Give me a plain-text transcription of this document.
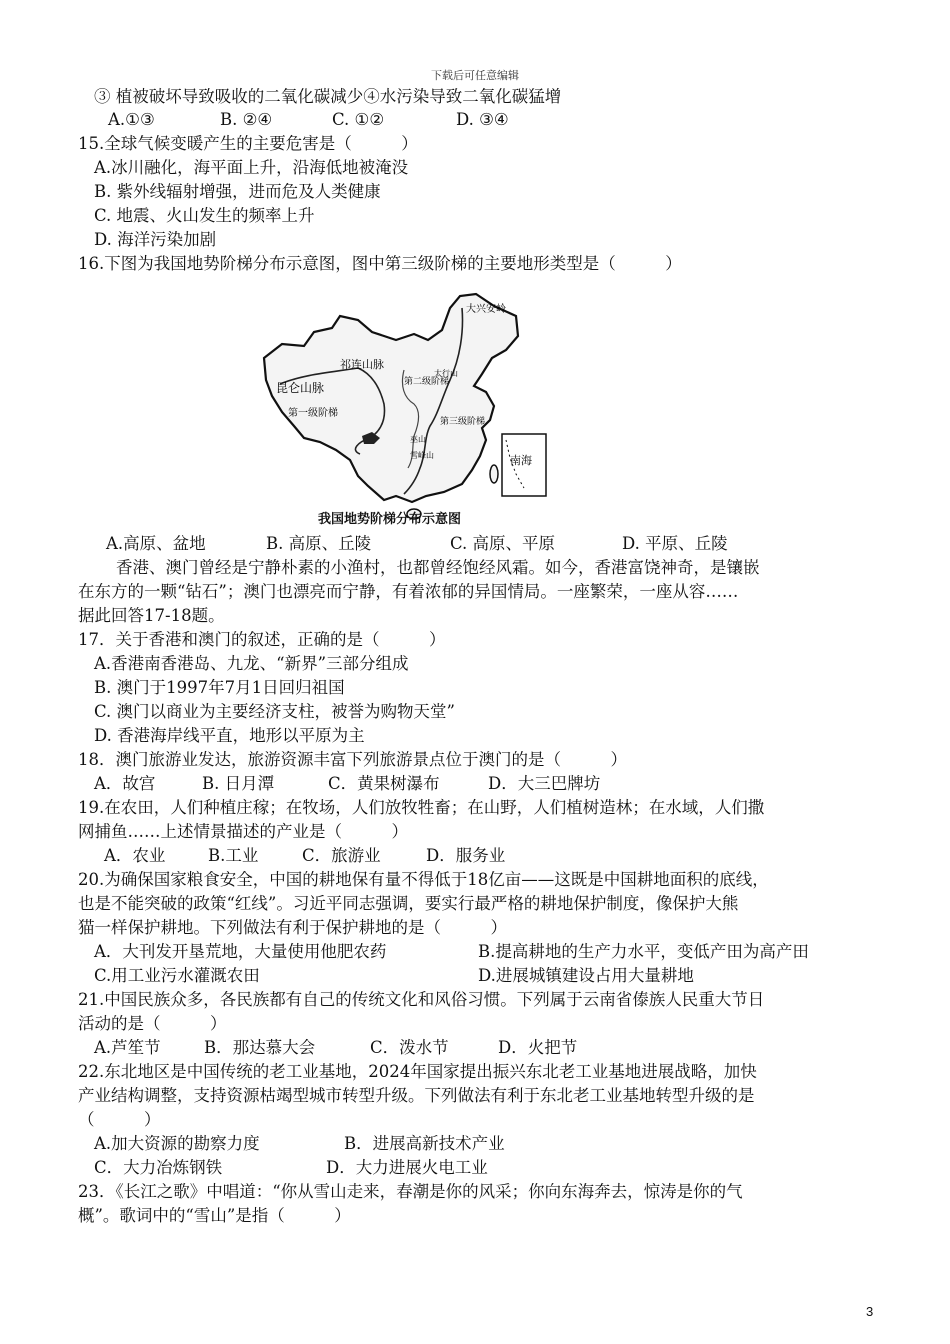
下载后可任意编辑
③ 植被破坏导致吸收的二氧化碳减少④水污染导致二氧化碳猛增
A.①③	B. ②④	C. ①②	D. ③④
15.全球气候变暖产生的主要危害是（　　　）
A.冰川融化，海平面上升，沿海低地被淹没
B. 紫外线辐射增强，进而危及人类健康
C. 地震、火山发生的频率上升
D. 海洋污染加剧
16.下图为我国地势阶梯分布示意图，图中第三级阶梯的主要地形类型是（　　　）
大兴安岭
祁连山脉
昆仑山脉
第一级阶梯
第二级阶梯
第三级阶梯
太行山
巫山
雪峰山	南海
我国地势阶梯分布示意图
A.高原、盆地	B. 高原、丘陵	C. 高原、平原	D. 平原、丘陵
香港、澳门曾经是宁静朴素的小渔村，也都曾经饱经风霜。如今，香港富饶神奇，是镶嵌
在东方的一颗“钻石”；澳门也漂亮而宁静，有着浓郁的异国情局。一座繁荣，一座从容……
据此回答17-18题。
17．关于香港和澳门的叙述，正确的是（　　　）
A.香港南香港岛、九龙、“新界”三部分组成
B. 澳门于1997年7月1日回归祖国
C. 澳门以商业为主要经济支柱，被誉为购物天堂”
D. 香港海岸线平直，地形以平原为主
18．澳门旅游业发达，旅游资源丰富下列旅游景点位于澳门的是（　　　）
A．故宫	B. 日月潭	C．黄果树瀑布	D．大三巴牌坊
19.在农田，人们种植庄稼；在牧场，人们放牧牲畜；在山野，人们植树造林；在水域，人们撒
网捕鱼……上述情景描述的产业是（　　　）
A．农业	B.工业	C．旅游业	D．服务业
20.为确保国家粮食安全，中国的耕地保有量不得低于18亿亩——这既是中国耕地面积的底线，
也是不能突破的政策“红线”。习近平同志强调，要实行最严格的耕地保护制度，像保护大熊
猫一样保护耕地。下列做法有利于保护耕地的是（　　　）
A．大刊发开垦荒地，大量使用他肥农药	B.提高耕地的生产力水平，变低产田为高产田
C.用工业污水灌溉农田	D.进展城镇建设占用大量耕地
21.中国民族众多，各民族都有自己的传统文化和风俗习惯。下列属于云南省傣族人民重大节日
活动的是（　　　）
A.芦笙节	B．那达慕大会	C．泼水节	D．火把节
22.东北地区是中国传统的老工业基地，2024年国家提出振兴东北老工业基地进展战略，加快
产业结构调整，支持资源枯竭型城市转型升级。下列做法有利于东北老工业基地转型升级的是
（　　　）
A.加大资源的勘察力度	B．进展高新技术产业
C．大力冶炼钢铁	D．大力进展火电工业
23．《长江之歌》中唱道：“你从雪山走来，春潮是你的风采；你向东海奔去，惊涛是你的气
概”。歌词中的“雪山”是指（　　　）
3
